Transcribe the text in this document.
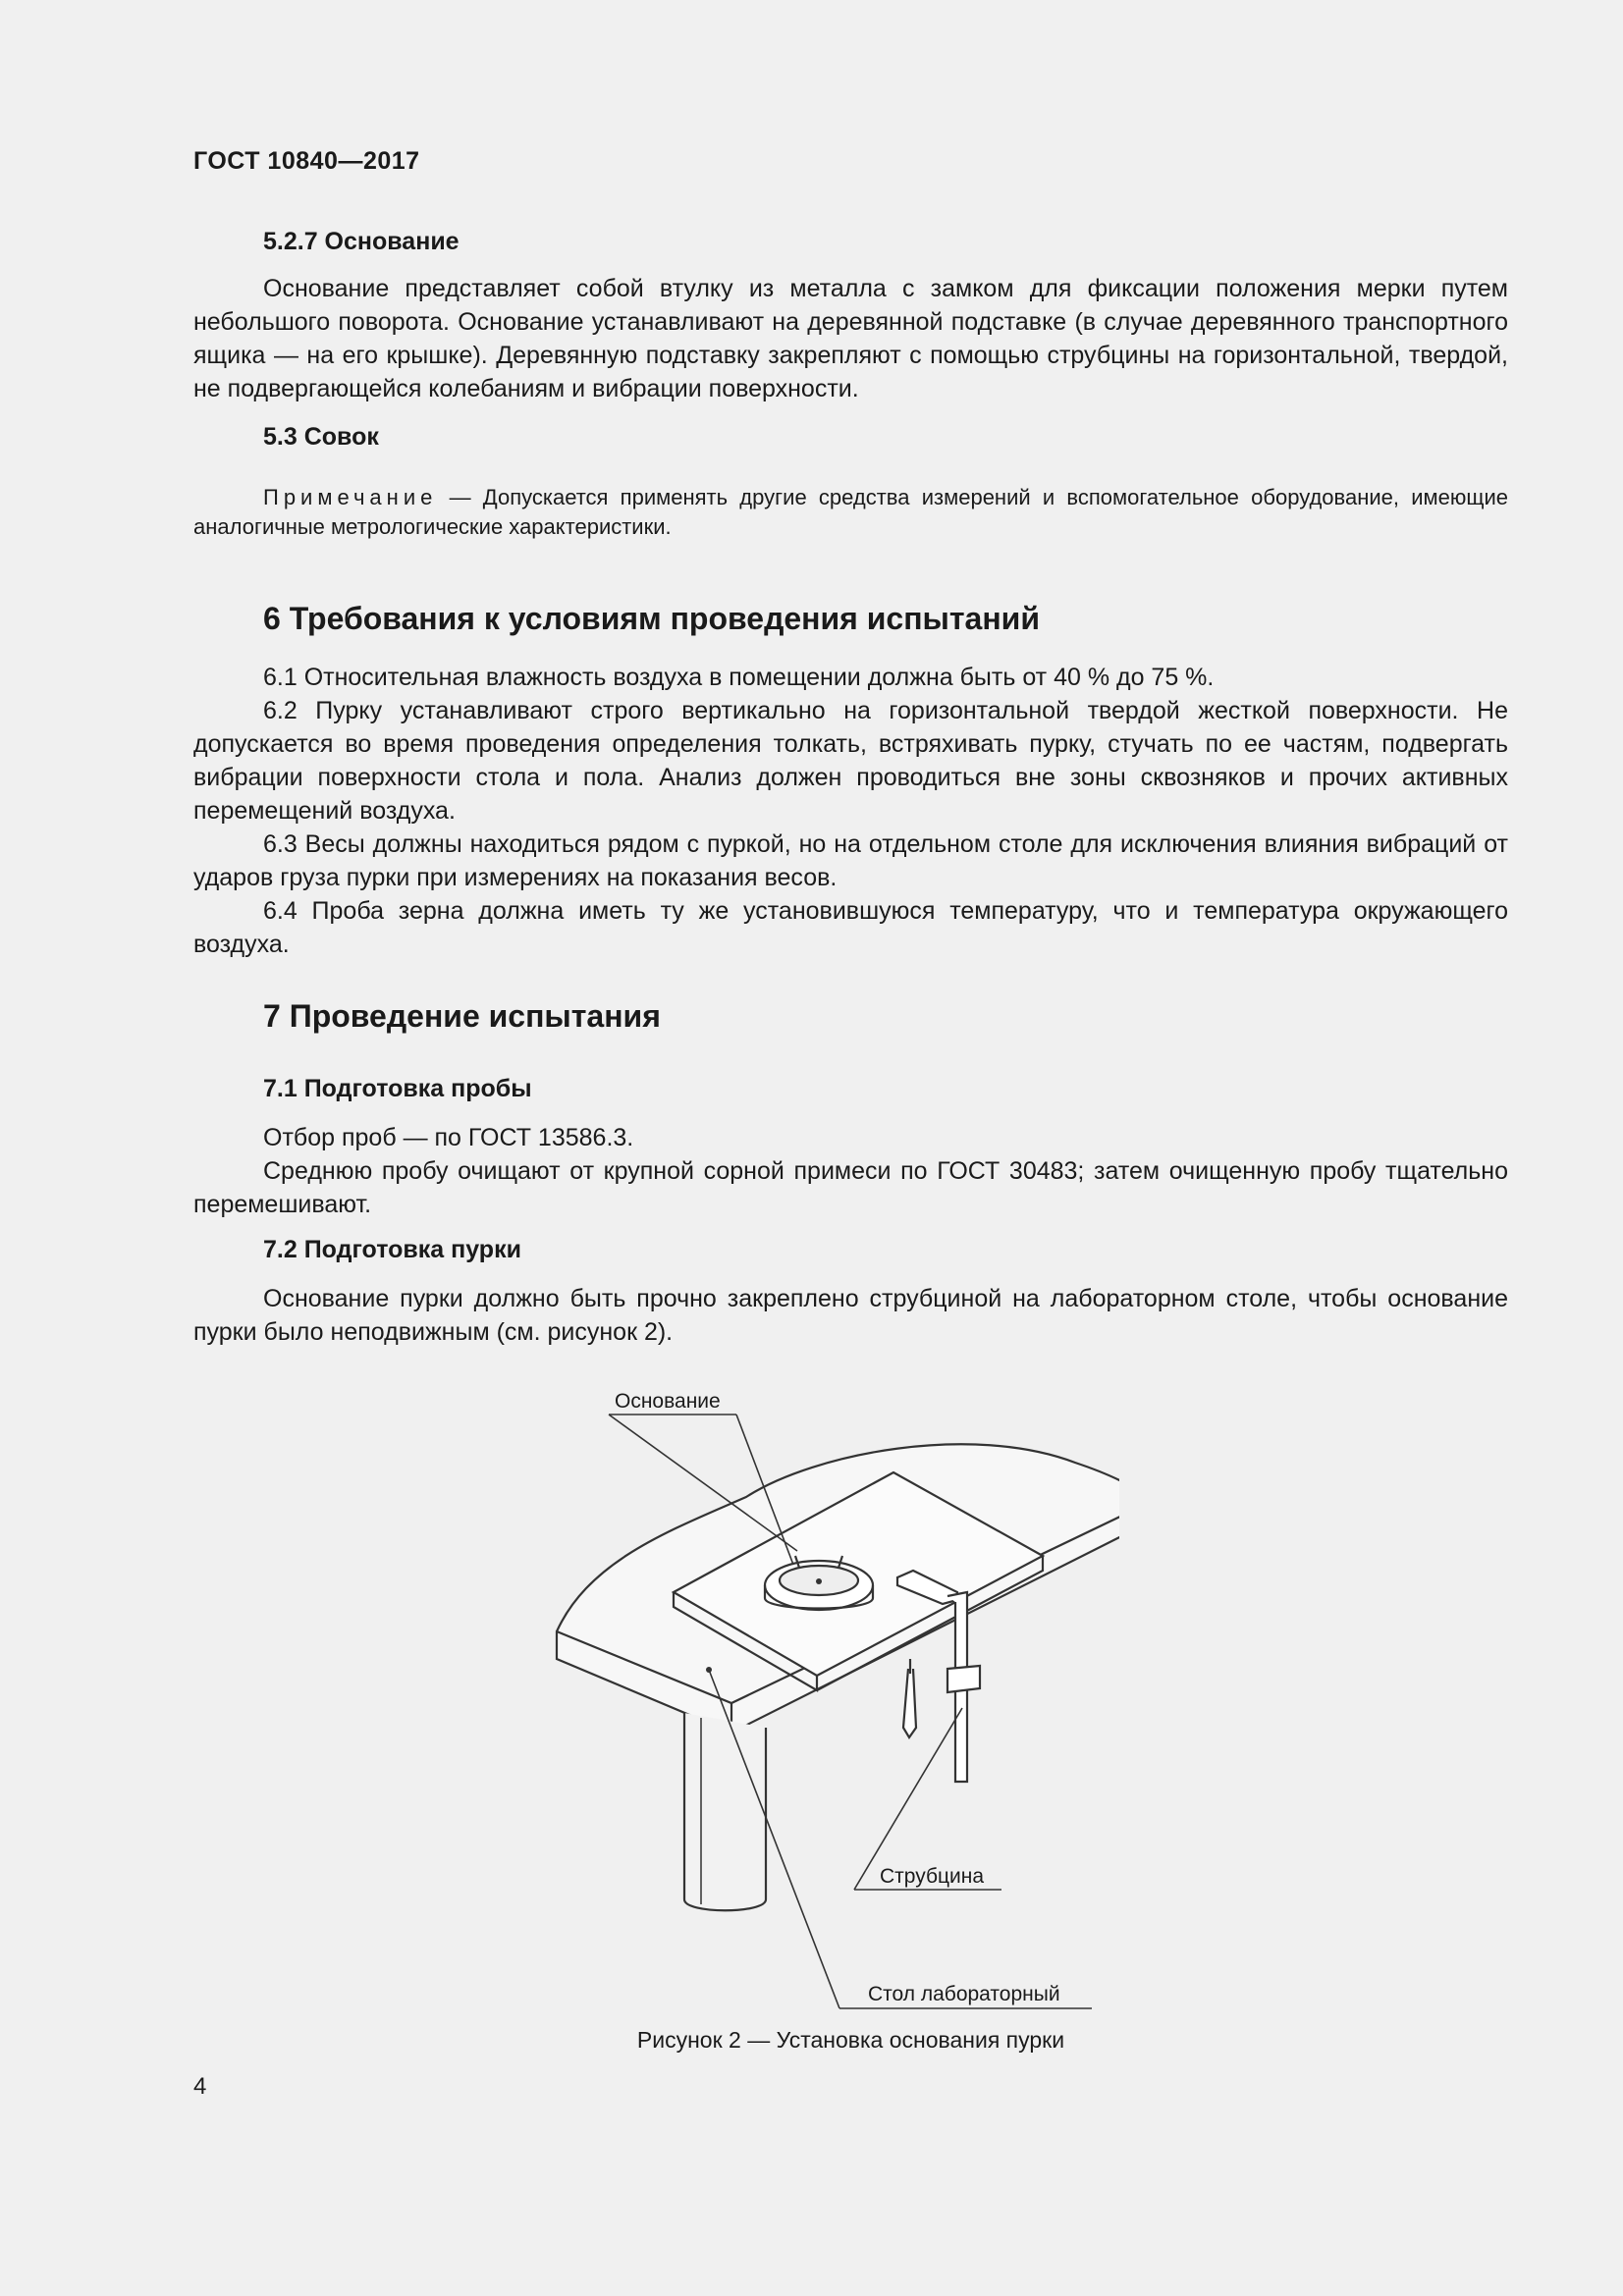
ГОСТ 10840—2017
5.2.7 Основание

Основание представляет собой втулку из металла с замком для фиксации положения мерки путем небольшого поворота. Основание устанавливают на деревянной подставке (в случае деревянного транспортного ящика — на его крышке). Деревянную подставку закрепляют с помощью струбцины на горизонтальной, твердой, не подвергающейся колебаниям и вибрации поверхности.

5.3 Совок

Примечание — Допускается применять другие средства измерений и вспомогательное оборудование, имеющие аналогичные метрологические характеристики.

6 Требования к условиям проведения испытаний

6.1 Относительная влажность воздуха в помещении должна быть от 40 % до 75 %.

6.2 Пурку устанавливают строго вертикально на горизонтальной твердой жесткой поверхности. Не допускается во время проведения определения толкать, встряхивать пурку, стучать по ее частям, подвергать вибрации поверхности стола и пола. Анализ должен проводиться вне зоны сквозняков и прочих активных перемещений воздуха.

6.3 Весы должны находиться рядом с пуркой, но на отдельном столе для исключения влияния вибраций от ударов груза пурки при измерениях на показания весов.

6.4 Проба зерна должна иметь ту же установившуюся температуру, что и температура окружающего воздуха.

7 Проведение испытания
7.1 Подготовка пробы

Отбор проб — по ГОСТ 13586.3.

Среднюю пробу очищают от крупной сорной примеси по ГОСТ 30483; затем очищенную пробу тщательно перемешивают.

7.2 Подготовка пурки

Основание пурки должно быть прочно закреплено струбциной на лабораторном столе, чтобы основание пурки было неподвижным (см. рисунок 2).

Основание
Струбцина
Стол лабораторный
Рисунок 2 — Установка основания пурки
4
